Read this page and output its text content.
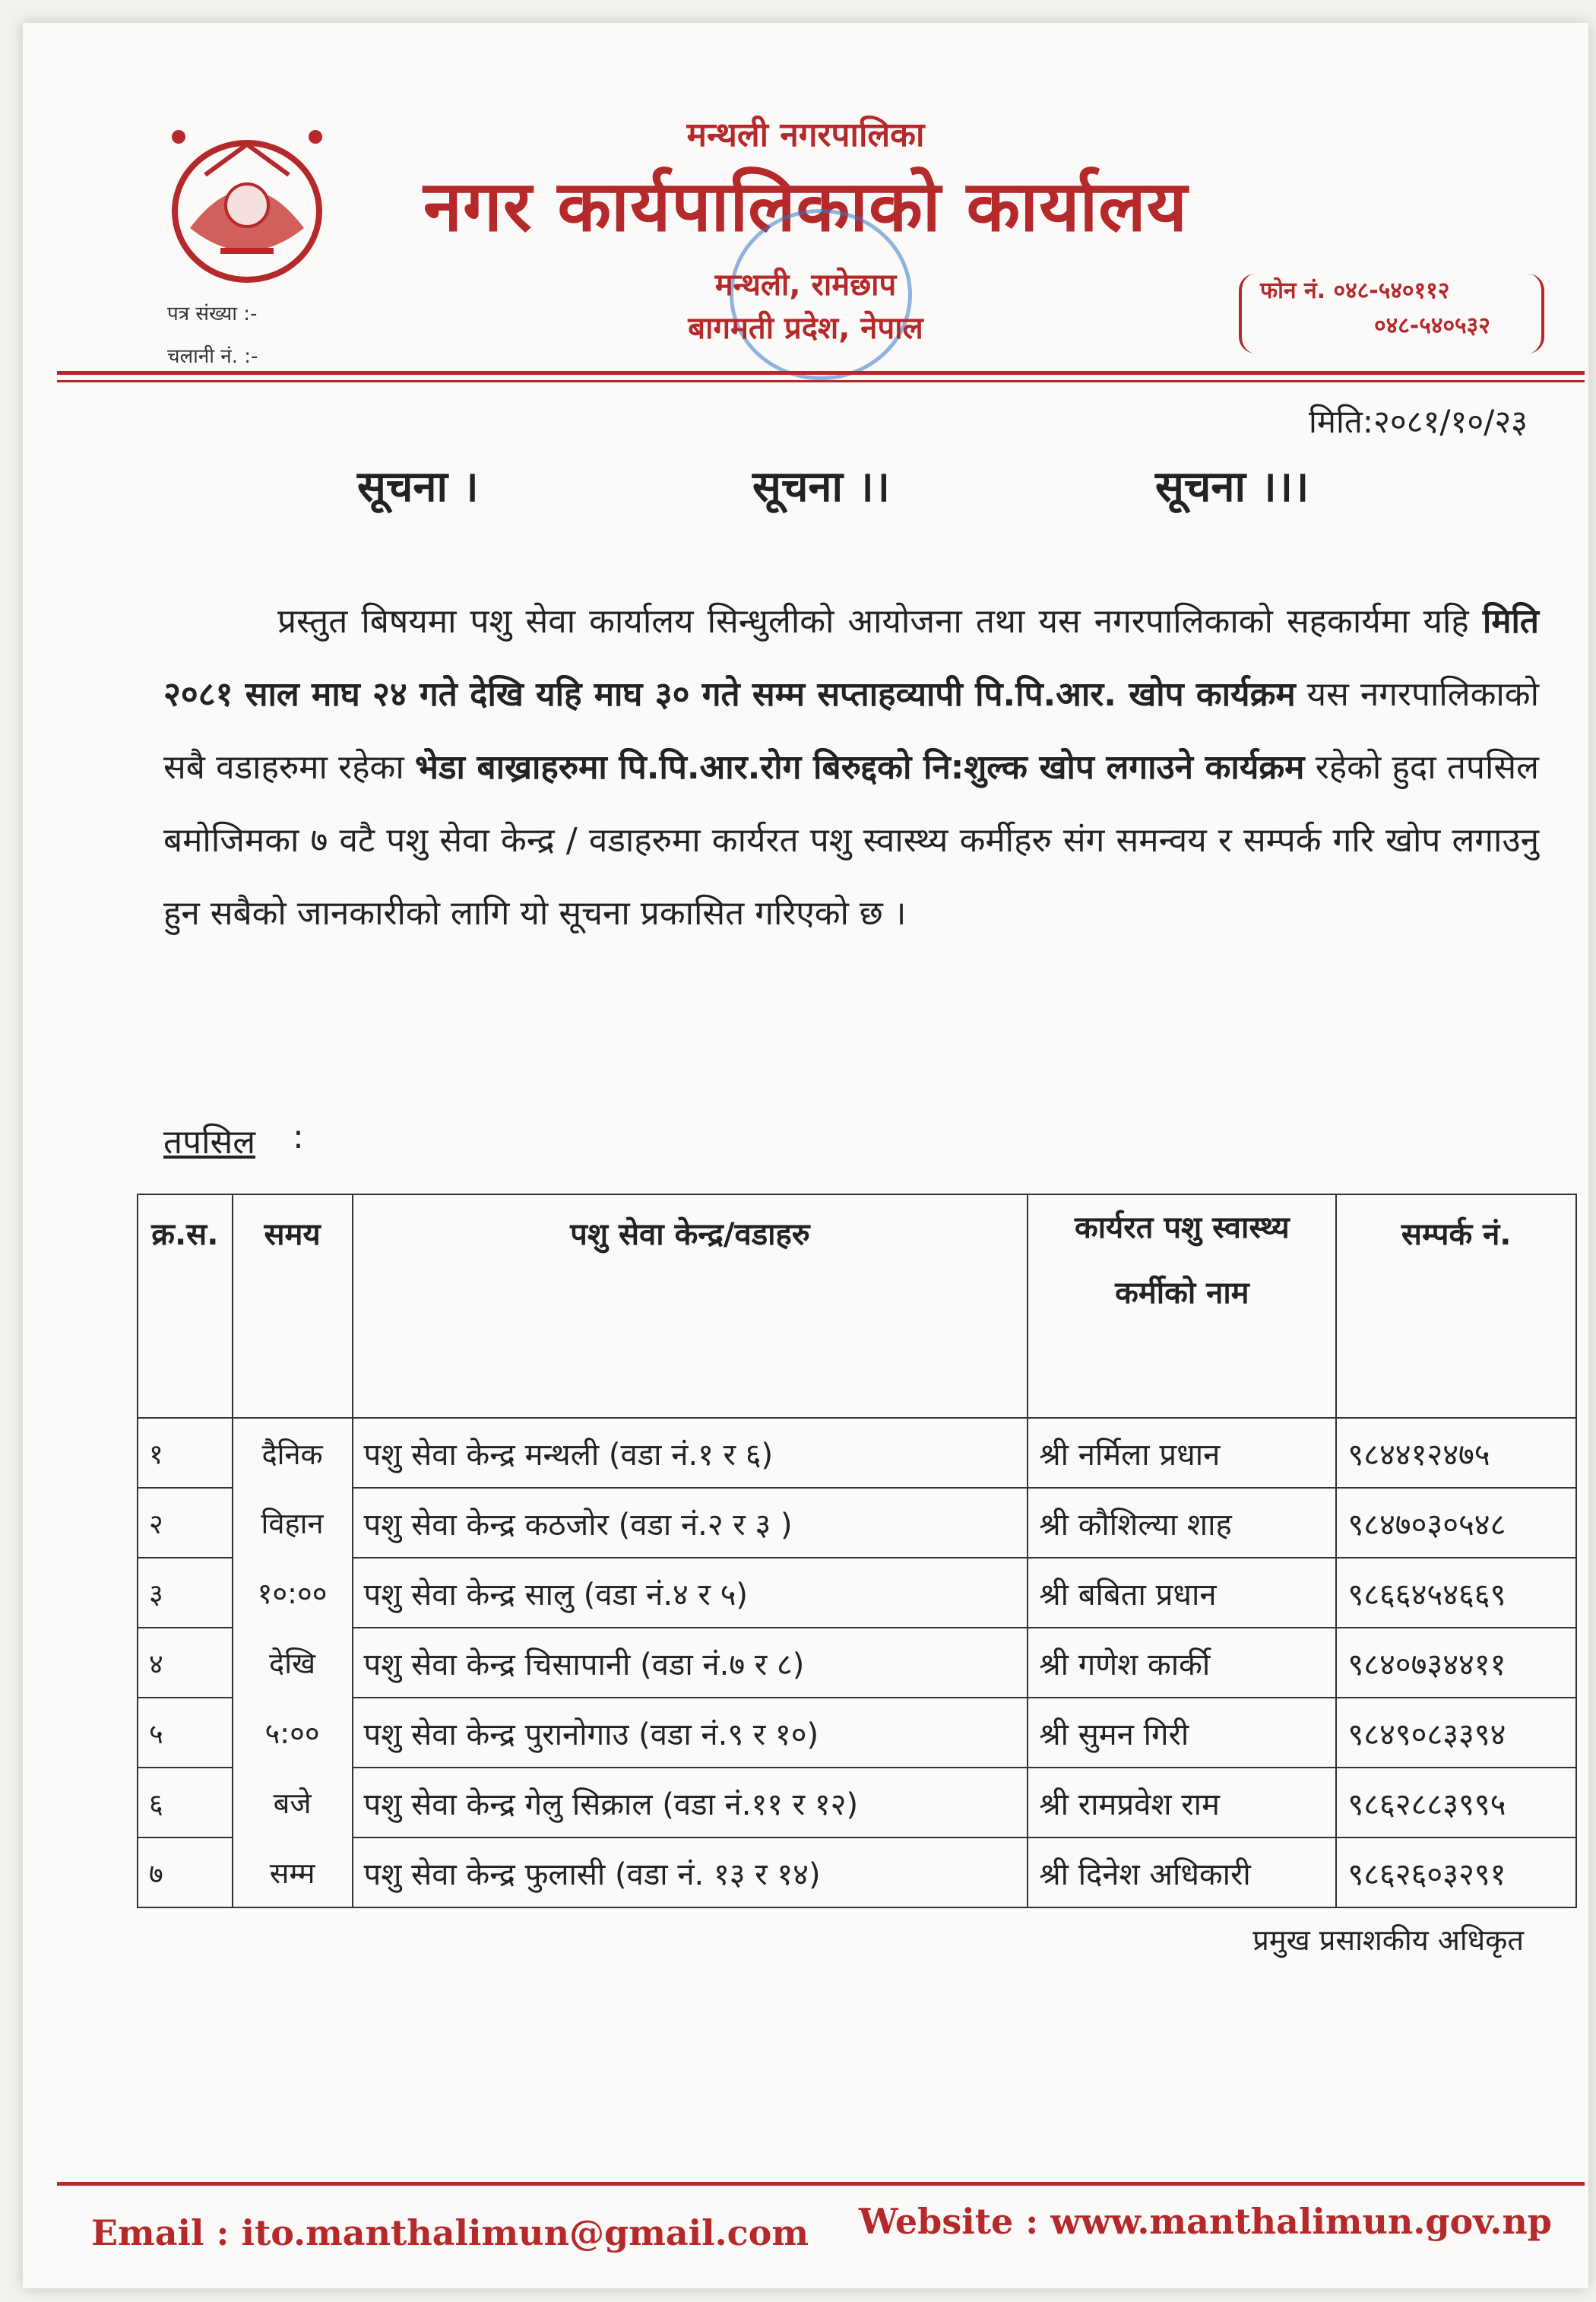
पत्र संख्या :-
चलानी नं. :-
मन्थली नगरपालिका
नगर कार्यपालिकाको कार्यालय
मन्थली, रामेछाप
बागमती प्रदेश, नेपाल
फोन नं. ०४८-५४०११२
०४८-५४०५३२
मिति:२०८१/१०/२३
सूचना ।	सूचना ।।	सूचना ।।।
प्रस्तुत बिषयमा पशु सेवा कार्यालय सिन्धुलीको आयोजना तथा यस नगरपालिकाको सहकार्यमा यहि मिति २०८१ साल माघ २४ गते देखि यहि माघ ३० गते सम्म सप्ताहव्यापी पि.पि.आर. खोप कार्यक्रम यस नगरपालिकाको सबै वडाहरुमा रहेका भेडा बाख्राहरुमा पि.पि.आर.रोग बिरुद्दको नि:शुल्क खोप लगाउने कार्यक्रम रहेको हुदा तपसिल बमोजिमका ७ वटै पशु सेवा केन्द्र / वडाहरुमा कार्यरत पशु स्वास्थ्य कर्मीहरु संग समन्वय र सम्पर्क गरि खोप लगाउनु हुन सबैको जानकारीको लागि यो सूचना प्रकासित गरिएको छ ।
तपसिल :
क्र.स.	समय	पशु सेवा केन्द्र/वडाहरु	कार्यरत पशु स्वास्थ्य कर्मीको नाम	सम्पर्क नं.
१	दैनिक	पशु सेवा केन्द्र मन्थली (वडा नं.१ र ६)	श्री नर्मिला प्रधान	९८४४१२४७५
२	विहान	पशु सेवा केन्द्र कठजोर (वडा नं.२ र ३ )	श्री कौशिल्या शाह	९८४७०३०५४८
३	१०:००	पशु सेवा केन्द्र सालु (वडा नं.४ र ५)	श्री बबिता प्रधान	९८६६४५४६६९
४	देखि	पशु सेवा केन्द्र चिसापानी (वडा नं.७ र ८)	श्री गणेश कार्की	९८४०७३४४११
५	५:००	पशु सेवा केन्द्र पुरानोगाउ (वडा नं.९ र १०)	श्री सुमन गिरी	९८४९०८३३९४
६	बजे	पशु सेवा केन्द्र गेलु सिक्राल (वडा नं.११ र १२)	श्री रामप्रवेश राम	९८६२८८३९९५
७	सम्म	पशु सेवा केन्द्र फुलासी (वडा नं. १३ र १४)	श्री दिनेश अधिकारी	९८६२६०३२९१
प्रमुख प्रसाशकीय अधिकृत
Email : ito.manthalimun@gmail.com Website : www.manthalimun.gov.np
